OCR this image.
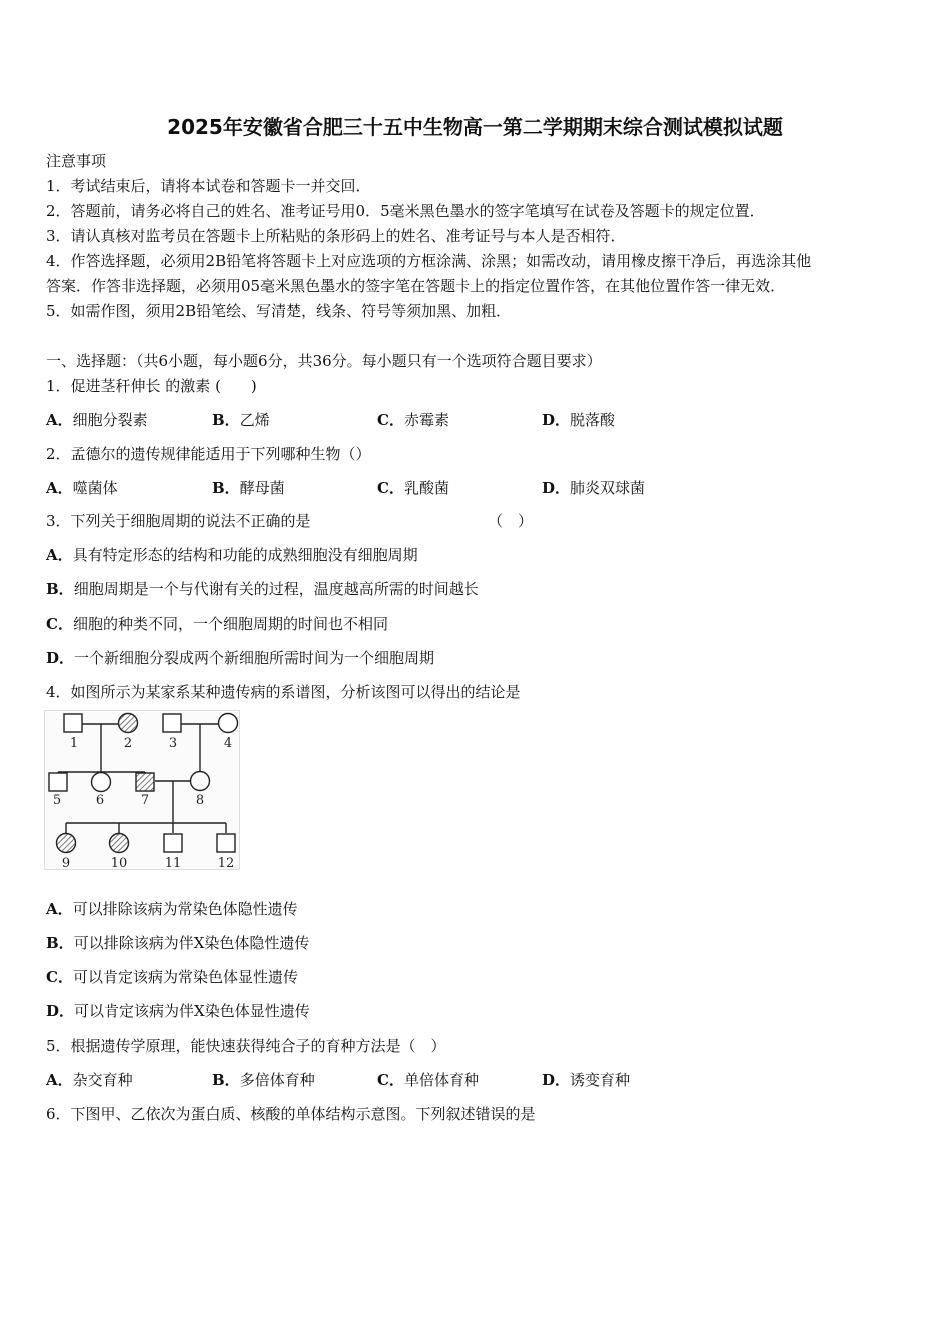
2025年安徽省合肥三十五中生物高一第二学期期末综合测试模拟试题
注意事项
1．考试结束后，请将本试卷和答题卡一并交回．
2．答题前，请务必将自己的姓名、准考证号用0．5毫米黑色墨水的签字笔填写在试卷及答题卡的规定位置．
3．请认真核对监考员在答题卡上所粘贴的条形码上的姓名、准考证号与本人是否相符．
4．作答选择题，必须用2B铅笔将答题卡上对应选项的方框涂满、涂黑；如需改动，请用橡皮擦干净后，再选涂其他
答案．作答非选择题，必须用05毫米黑色墨水的签字笔在答题卡上的指定位置作答，在其他位置作答一律无效．
5．如需作图，须用2B铅笔绘、写清楚，线条、符号等须加黑、加粗．
一、选择题：（共6小题，每小题6分，共36分。每小题只有一个选项符合题目要求）
1．促进茎秆伸长 的激素 (　　)
A．细胞分裂素	B．乙烯	C．赤霉素	D．脱落酸
2．孟德尔的遗传规律能适用于下列哪种生物（）
A．噬菌体	B．酵母菌	C．乳酸菌	D．肺炎双球菌
3．下列关于细胞周期的说法不正确的是	（　）
A．具有特定形态的结构和功能的成熟细胞没有细胞周期
B．细胞周期是一个与代谢有关的过程，温度越高所需的时间越长
C．细胞的种类不同，一个细胞周期的时间也不相同
D．一个新细胞分裂成两个新细胞所需时间为一个细胞周期
4．如图所示为某家系某种遗传病的系谱图，分析该图可以得出的结论是
1	2	3	4
5	6	7	8
9	10	11	12
A．可以排除该病为常染色体隐性遗传
B．可以排除该病为伴X染色体隐性遗传
C．可以肯定该病为常染色体显性遗传
D．可以肯定该病为伴X染色体显性遗传
5．根据遗传学原理，能快速获得纯合子的育种方法是（　）
A．杂交育种	B．多倍体育种	C．单倍体育种	D．诱变育种
6．下图甲、乙依次为蛋白质、核酸的单体结构示意图。下列叙述错误的是
